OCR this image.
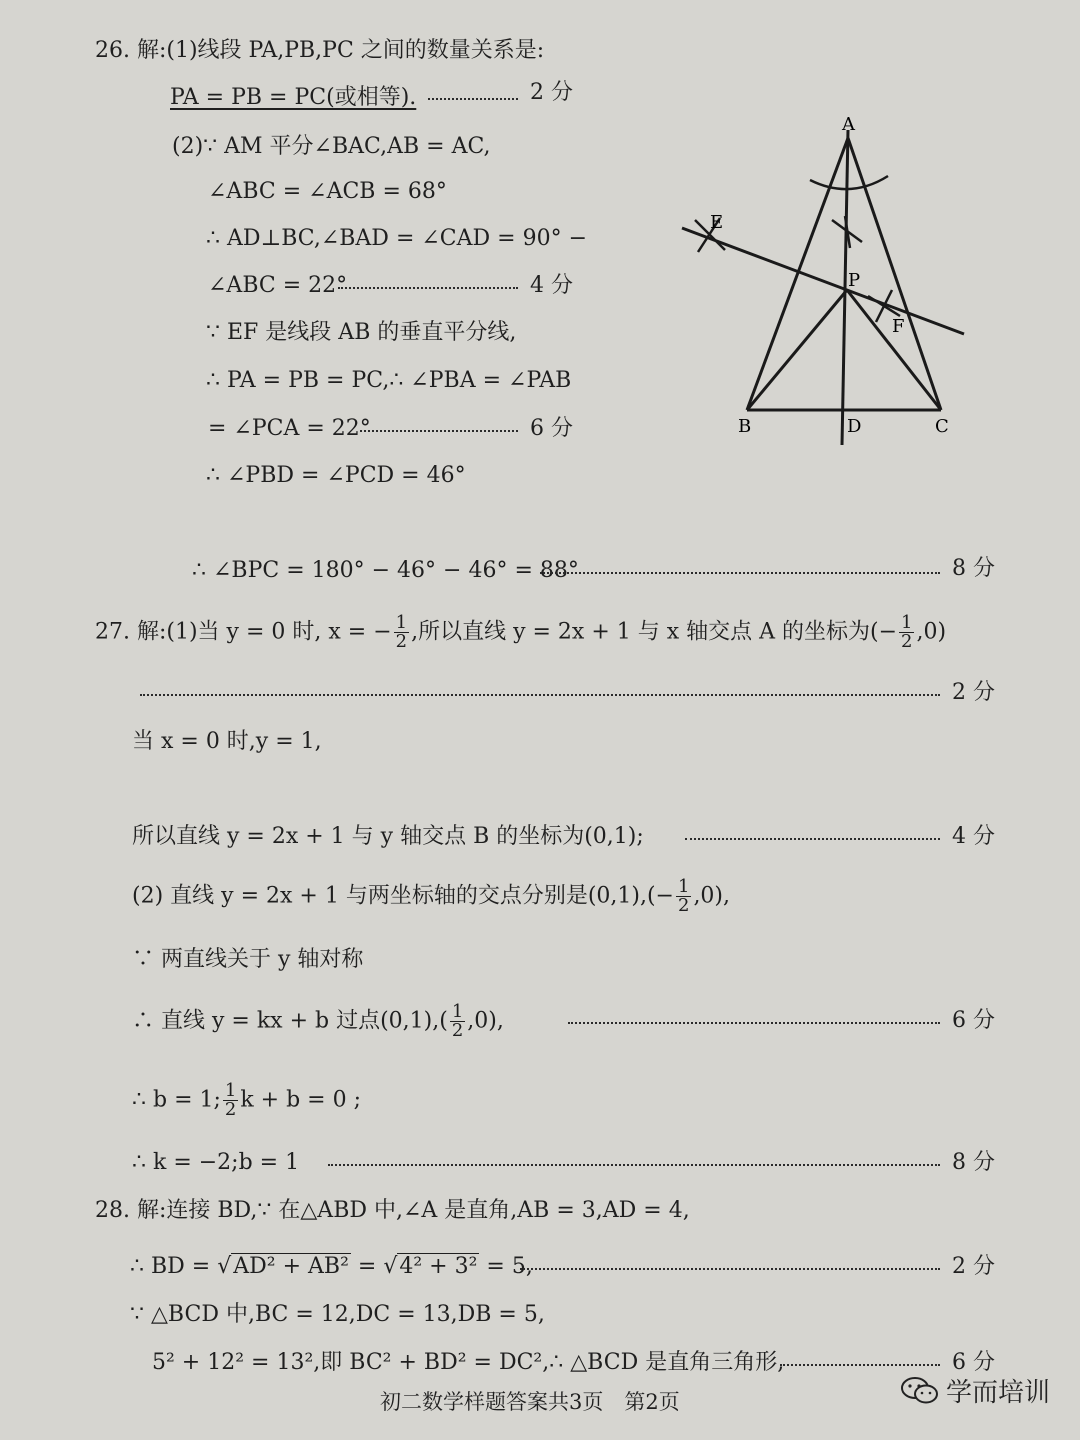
26. 解:(1)线段 PA,PB,PC 之间的数量关系是:
PA = PB = PC(或相等).	2 分
(2)∵ AM 平分∠BAC,AB = AC,
∠ABC = ∠ACB = 68°
∴ AD⊥BC,∠BAD = ∠CAD = 90° −
∠ABC = 22°	4 分
∵ EF 是线段 AB 的垂直平分线,
∴ PA = PB = PC,∴ ∠PBA = ∠PAB
= ∠PCA = 22°	6 分
∴ ∠PBD = ∠PCD = 46°
∴ ∠BPC = 180° − 46° − 46° = 88°	8 分
A
E
P
F
B	D	C
27. 解:(1)当 y = 0 时, x = − $\frac{1}{2}$ ,所以直线 y = 2x + 1 与 x 轴交点 A 的坐标为(− $\frac{1}{2} ,0$)
2 分
当 x = 0 时,y = 1,
所以直线 y = 2x + 1 与 y 轴交点 B 的坐标为(0,1);	4 分
(2) 直线 y = 2x + 1 与两坐标轴的交点分别是$(0,1),(- \frac{1}{2} ,0)$,
∵ 两直线关于 y 轴对称
∴ 直线 y = kx + b 过点$(0,1),( \frac{1}{2} ,0)$,	6 分
∴ b = 1; $\frac{1}{2}$ k + b = 0 ;
∴ k = −2;b = 1	8 分
28. 解:连接 BD,∵ 在△ABD 中,∠A 是直角,AB = 3,AD = 4,
∴ BD = √AD² + AB² = √4² + 3² = 5,	2 分
∵ △BCD 中,BC = 12,DC = 13,DB = 5,
5² + 12² = 13²,即 BC² + BD² = DC²,∴ △BCD 是直角三角形,	6 分
初二数学样题答案共3页　第2页	学而培训
